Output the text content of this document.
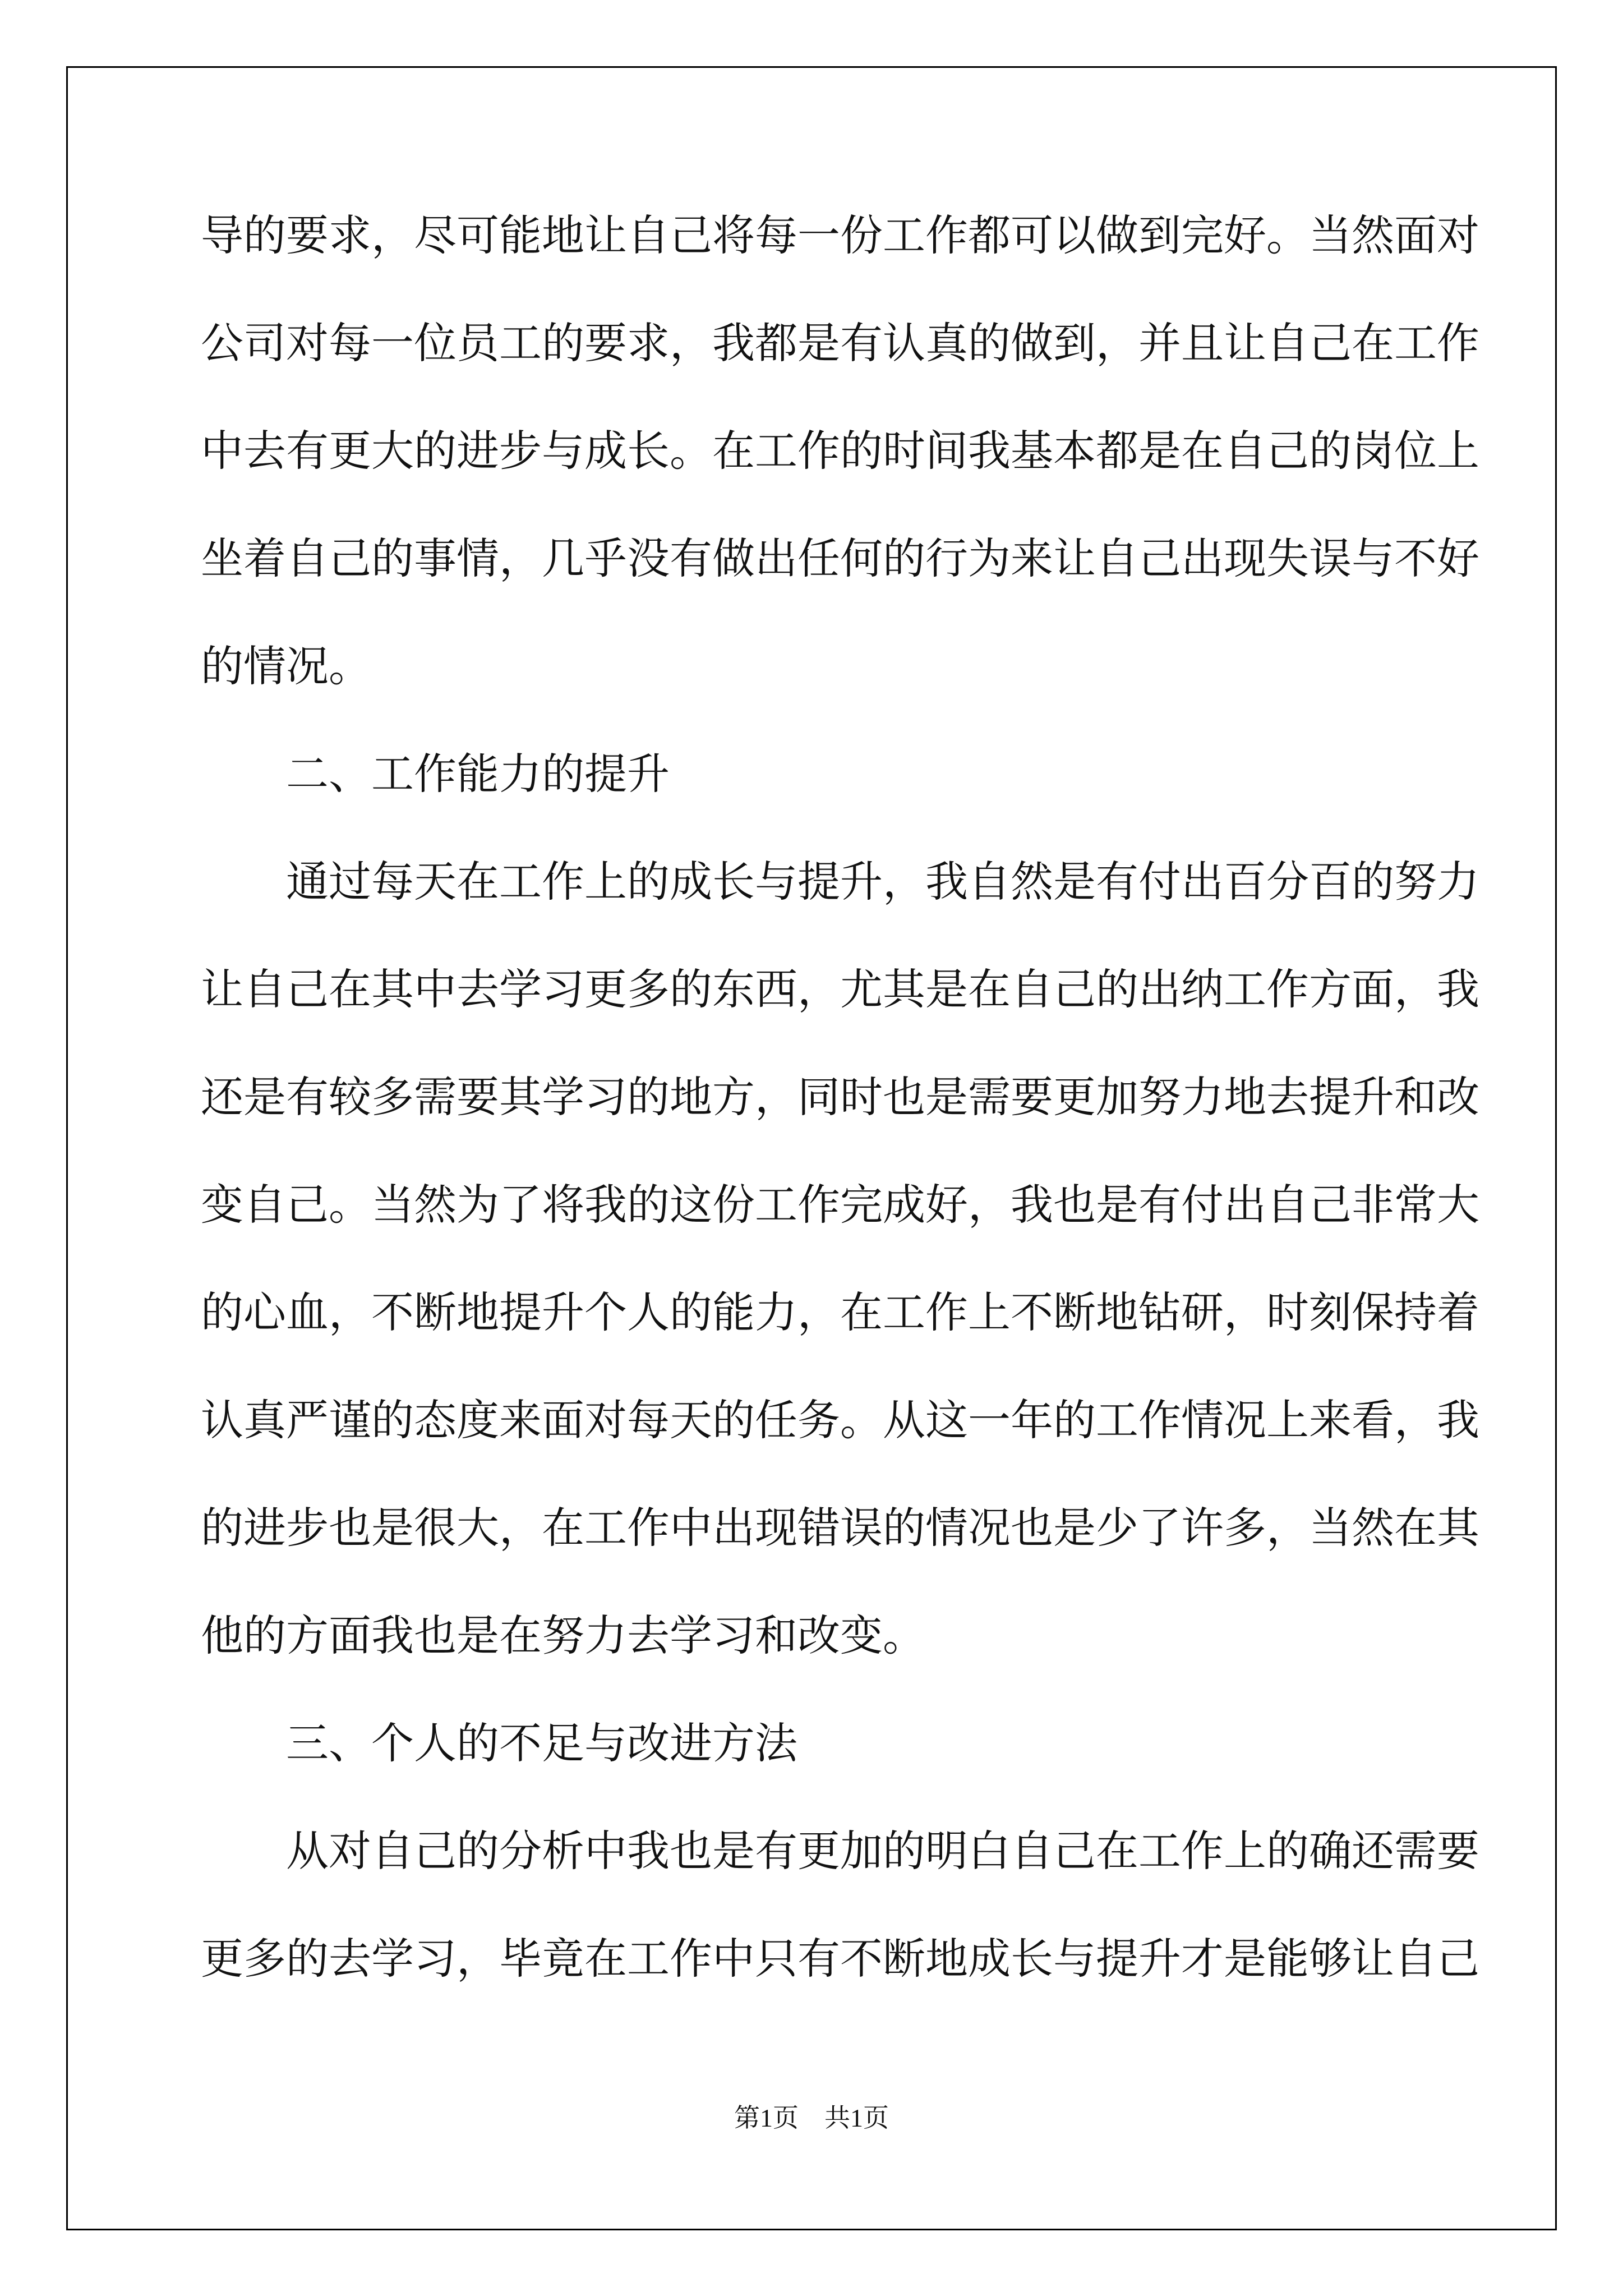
导的要求，尽可能地让自己将每一份工作都可以做到完好。当然面对
公司对每一位员工的要求，我都是有认真的做到，并且让自己在工作
中去有更大的进步与成长。在工作的时间我基本都是在自己的岗位上
坐着自己的事情，几乎没有做出任何的行为来让自己出现失误与不好
的情况。
二、工作能力的提升
通过每天在工作上的成长与提升，我自然是有付出百分百的努力
让自己在其中去学习更多的东西，尤其是在自己的出纳工作方面，我
还是有较多需要其学习的地方，同时也是需要更加努力地去提升和改
变自己。当然为了将我的这份工作完成好，我也是有付出自己非常大
的心血，不断地提升个人的能力，在工作上不断地钻研，时刻保持着
认真严谨的态度来面对每天的任务。从这一年的工作情况上来看，我
的进步也是很大，在工作中出现错误的情况也是少了许多，当然在其
他的方面我也是在努力去学习和改变。
三、个人的不足与改进方法
从对自己的分析中我也是有更加的明白自己在工作上的确还需要
更多的去学习，毕竟在工作中只有不断地成长与提升才是能够让自己
第1页 共1页
